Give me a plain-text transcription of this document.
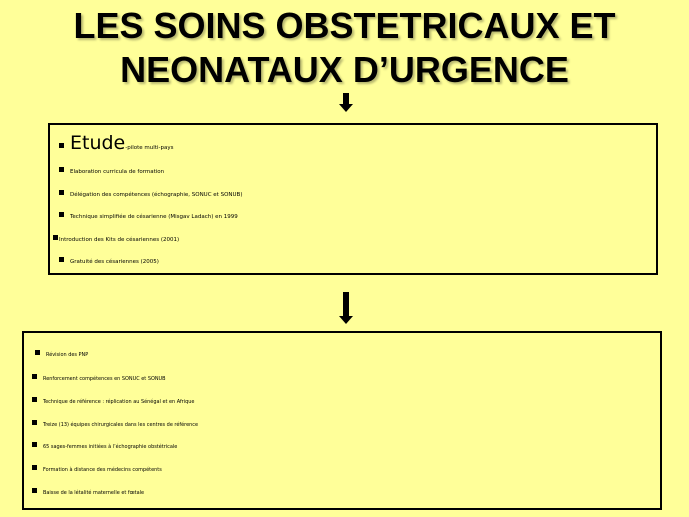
LES SOINS OBSTETRICAUX ET
NEONATAUX D’URGENCE
Etude-pilote multi-pays
Elaboration curricula de formation
Délégation des compétences (échographie, SONUC et SONUB)
Technique simplifiée de césarienne (Misgav Ladach) en 1999
Introduction des Kits de césariennes (2001)
Gratuité des césariennes (2005)
Révision des PNP
Renforcement compétences en SONUC et SONUB
Technique de référence : réplication au Sénégal et en Afrique
Treize (13) équipes chirurgicales dans les centres de référence
65 sages-femmes initiées à l’échographie obstétricale
Formation à distance des médecins compétents
Baisse de la létalité maternelle et fœtale
